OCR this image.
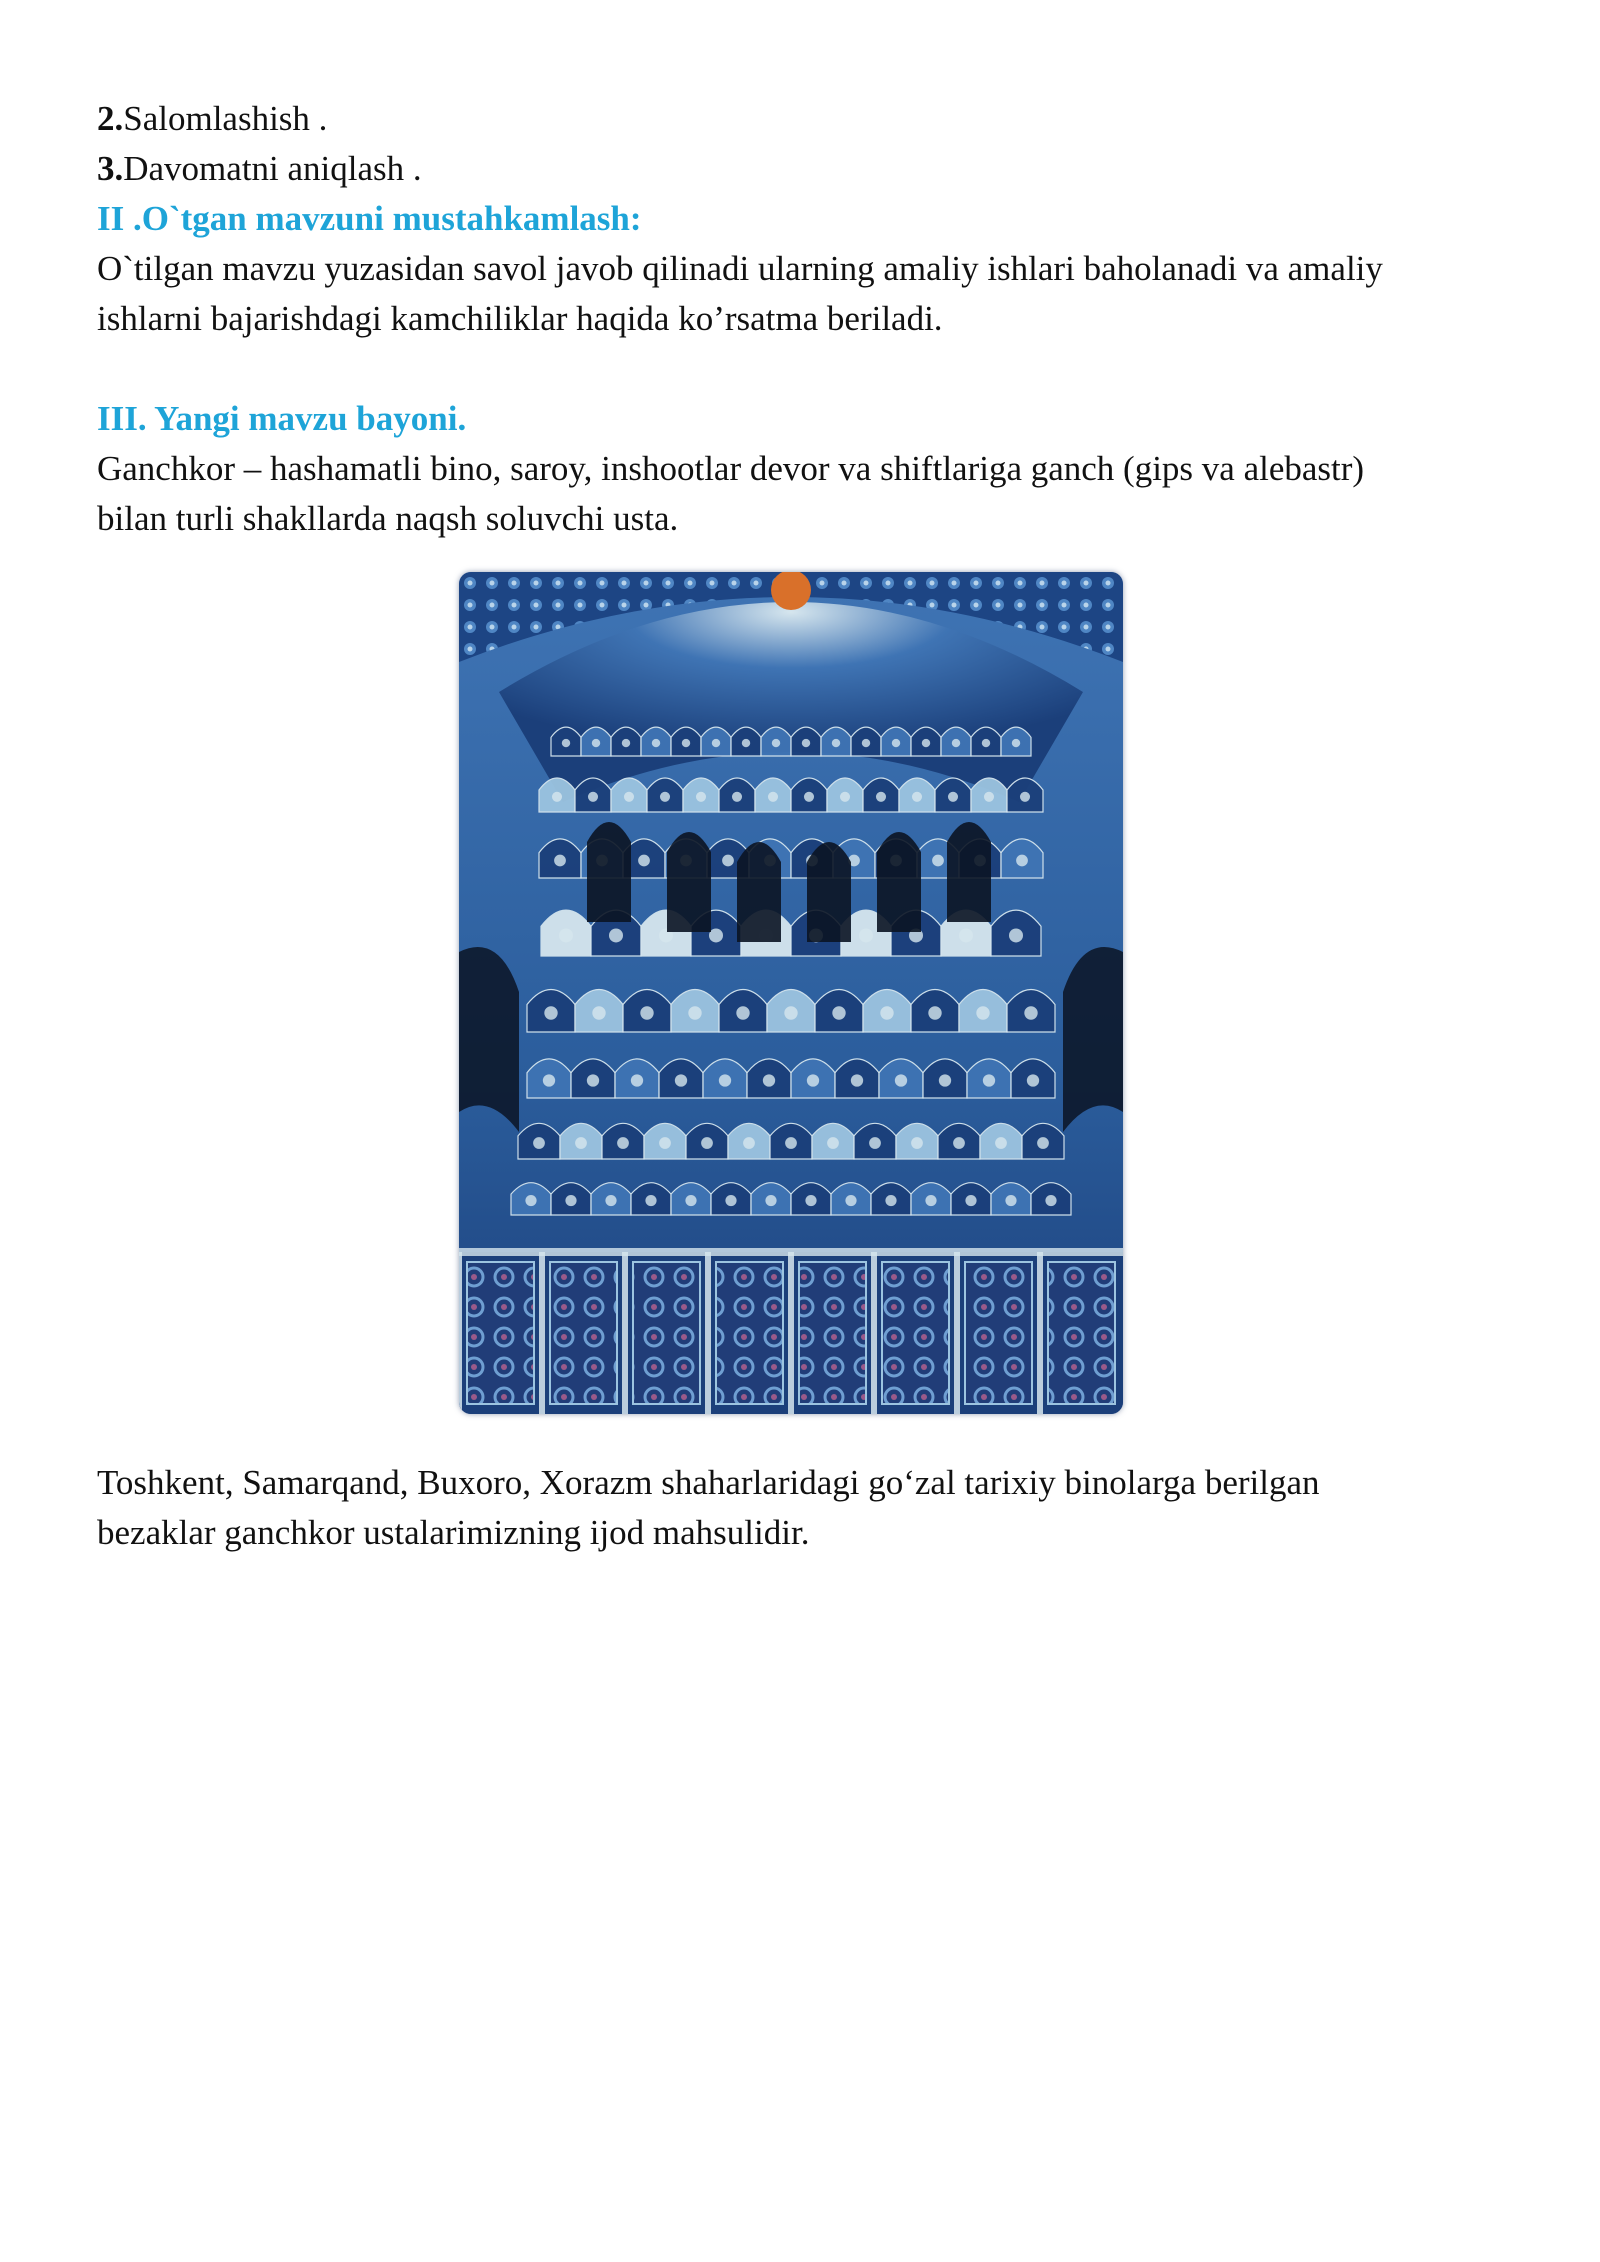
2.Salomlashish .

3.Davomatni aniqlash .

II .O`tgan mavzuni mustahkamlash:

O`tilgan mavzu yuzasidan savol javob qilinadi ularning amaliy ishlari baholanadi va amaliy

ishlarni bajarishdagi kamchiliklar haqida ko’rsatma beriladi.

III. Yangi mavzu bayoni.

Ganchkor – hashamatli bino, saroy, inshootlar devor va shiftlariga ganch (gips va alebastr)

bilan turli shakllarda naqsh soluvchi usta.

Toshkent, Samarqand, Buxoro, Xorazm shaharlaridagi go‘zal tarixiy binolarga berilgan

bezaklar ganchkor ustalarimizning ijod mahsulidir.
